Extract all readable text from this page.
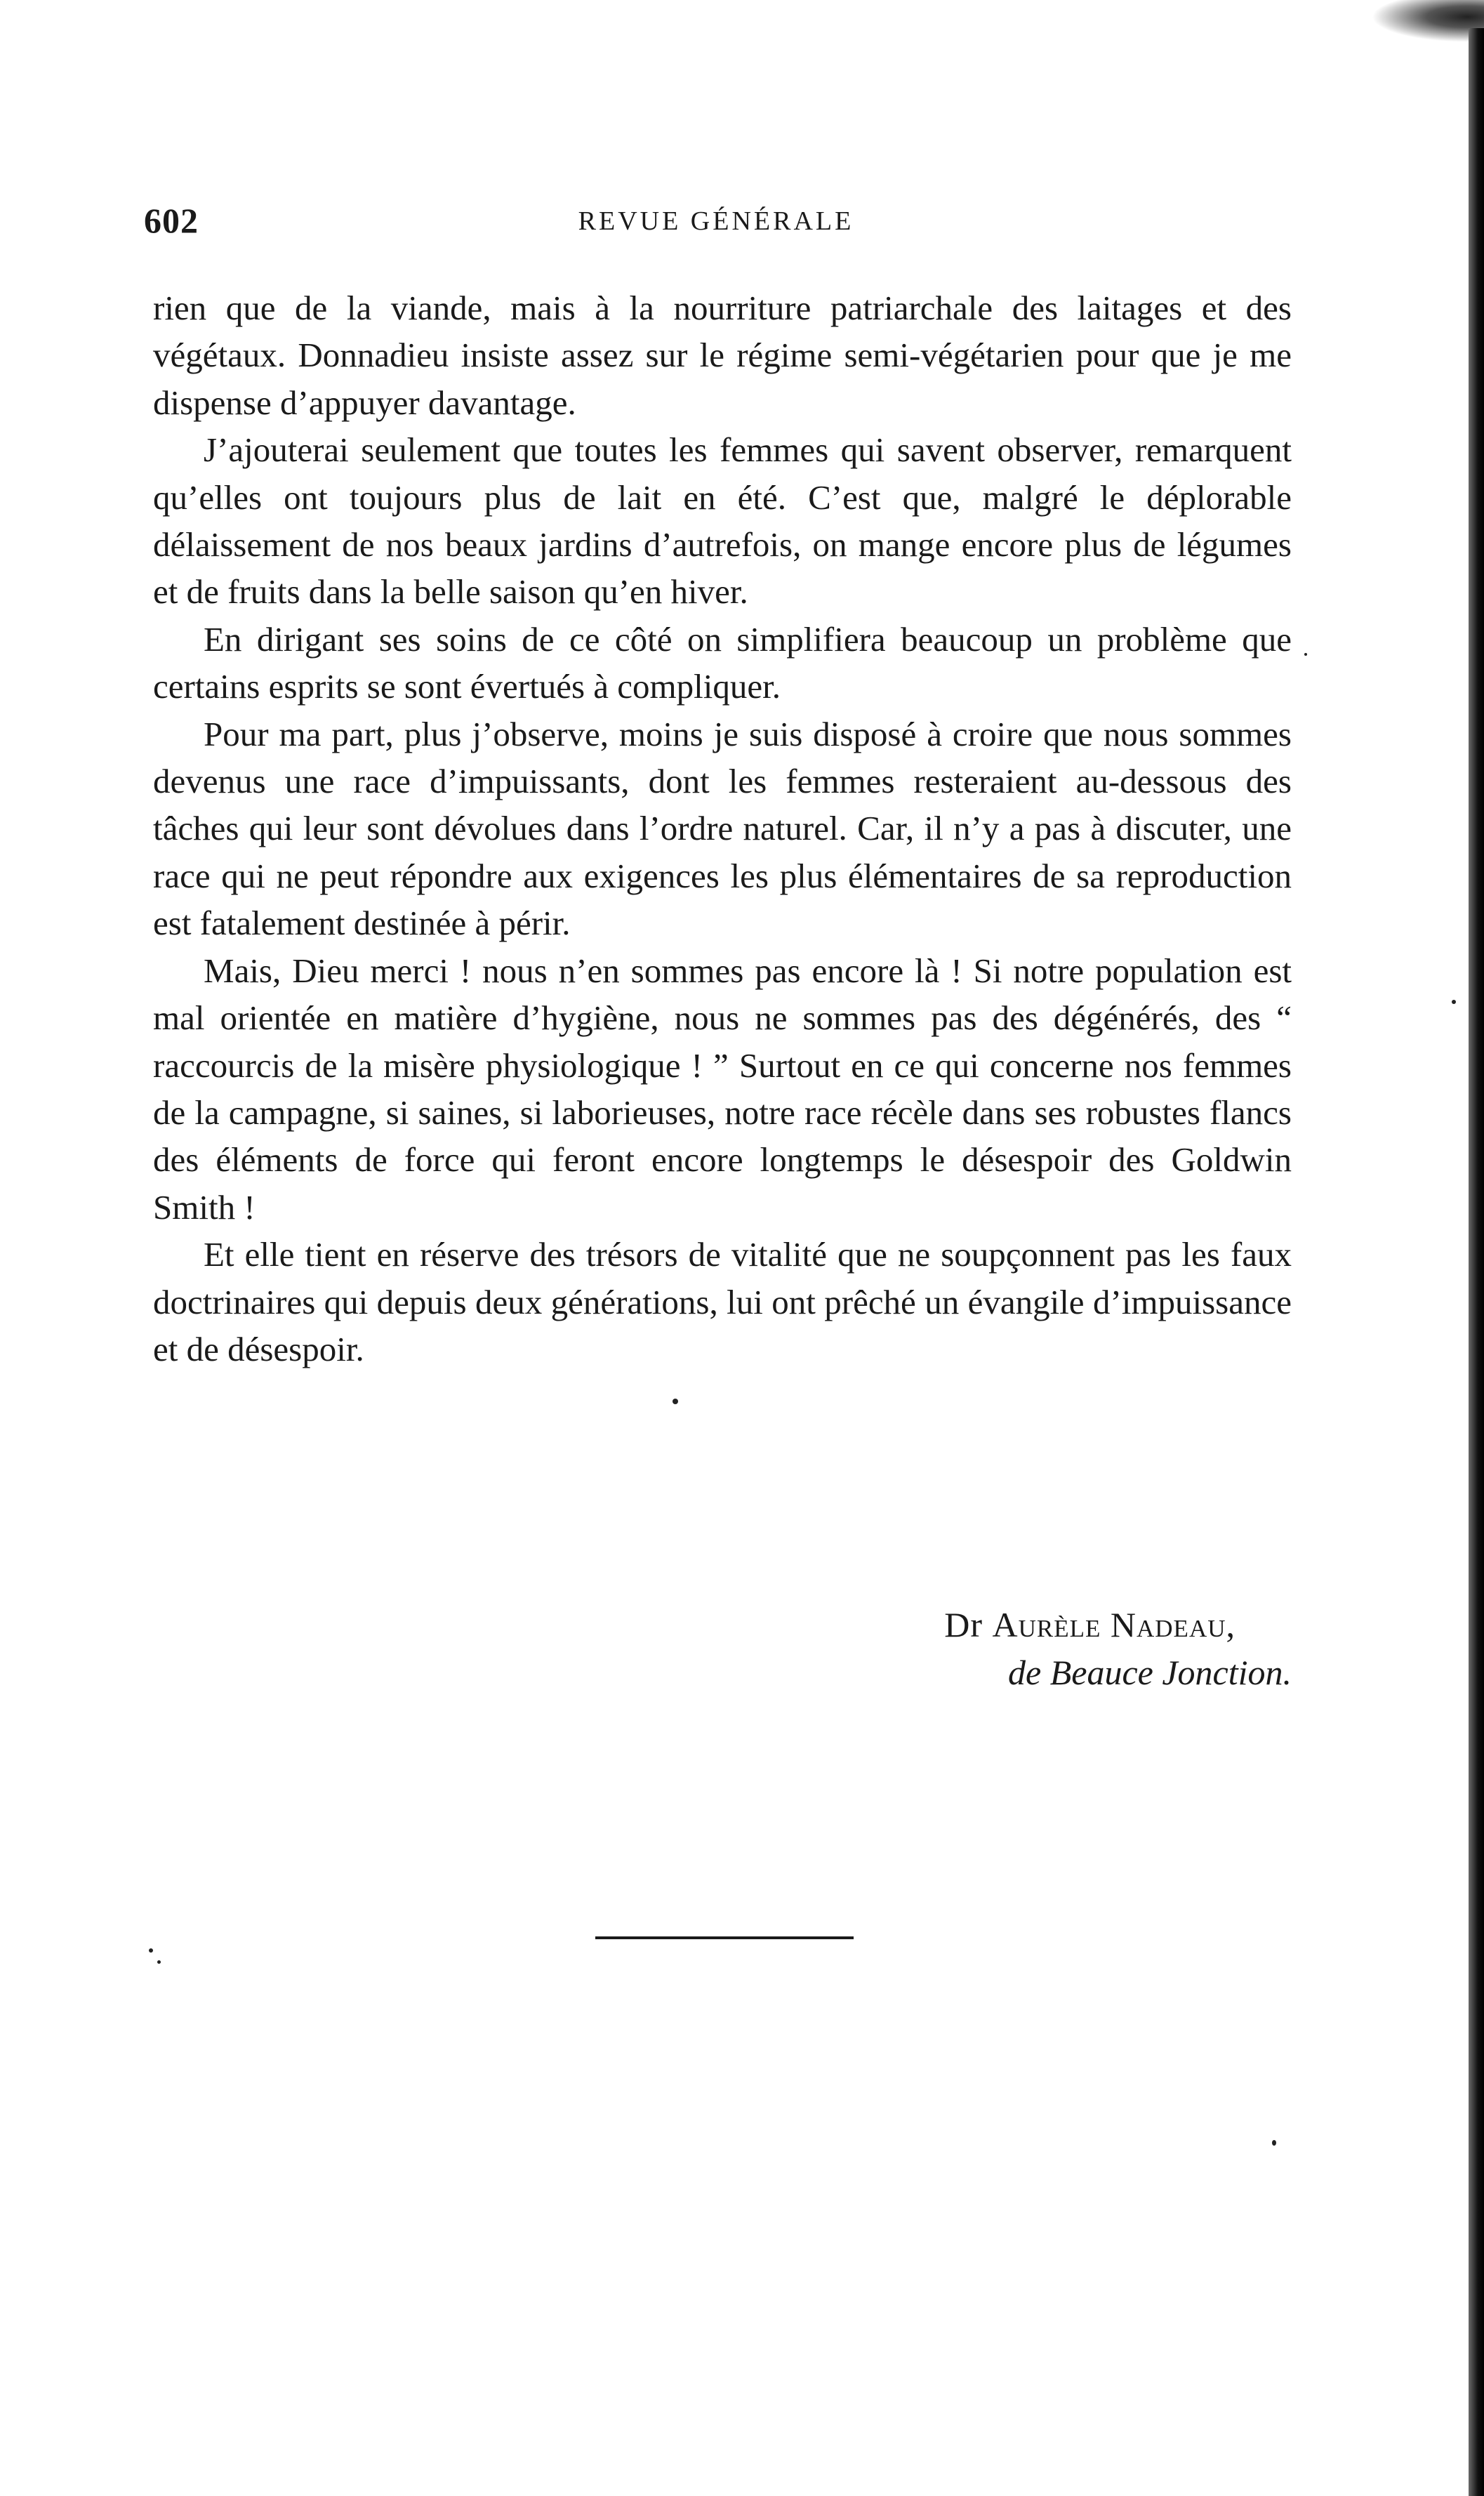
602	REVUE GÉNÉRALE

rien que de la viande, mais à la nourriture patriarchale des laitages et des végétaux. Donnadieu insiste assez sur le régime semi-végétarien pour que je me dispense d’appuyer davantage.

J’ajouterai seulement que toutes les femmes qui savent observer, remarquent qu’elles ont toujours plus de lait en été. C’est que, malgré le déplorable délaissement de nos beaux jardins d’autrefois, on mange encore plus de légumes et de fruits dans la belle saison qu’en hiver.

En dirigant ses soins de ce côté on simplifiera beaucoup un problème que certains esprits se sont évertués à compliquer.

Pour ma part, plus j’observe, moins je suis disposé à croire que nous sommes devenus une race d’impuissants, dont les femmes resteraient au-dessous des tâches qui leur sont dévolues dans l’ordre naturel. Car, il n’y a pas à discuter, une race qui ne peut répondre aux exigences les plus élémentaires de sa reproduction est fatalement destinée à périr.

Mais, Dieu merci ! nous n’en sommes pas encore là ! Si notre population est mal orientée en matière d’hygiène, nous ne sommes pas des dégénérés, des “ raccourcis de la misère physiologique ! ” Surtout en ce qui concerne nos femmes de la campagne, si saines, si laborieuses, notre race récèle dans ses robustes flancs des éléments de force qui feront encore longtemps le désespoir des Goldwin Smith !

Et elle tient en réserve des trésors de vitalité que ne soupçonnent pas les faux doctrinaires qui depuis deux générations, lui ont prêché un évangile d’impuissance et de désespoir.

Dr Aurèle Nadeau,
de Beauce Jonction.
